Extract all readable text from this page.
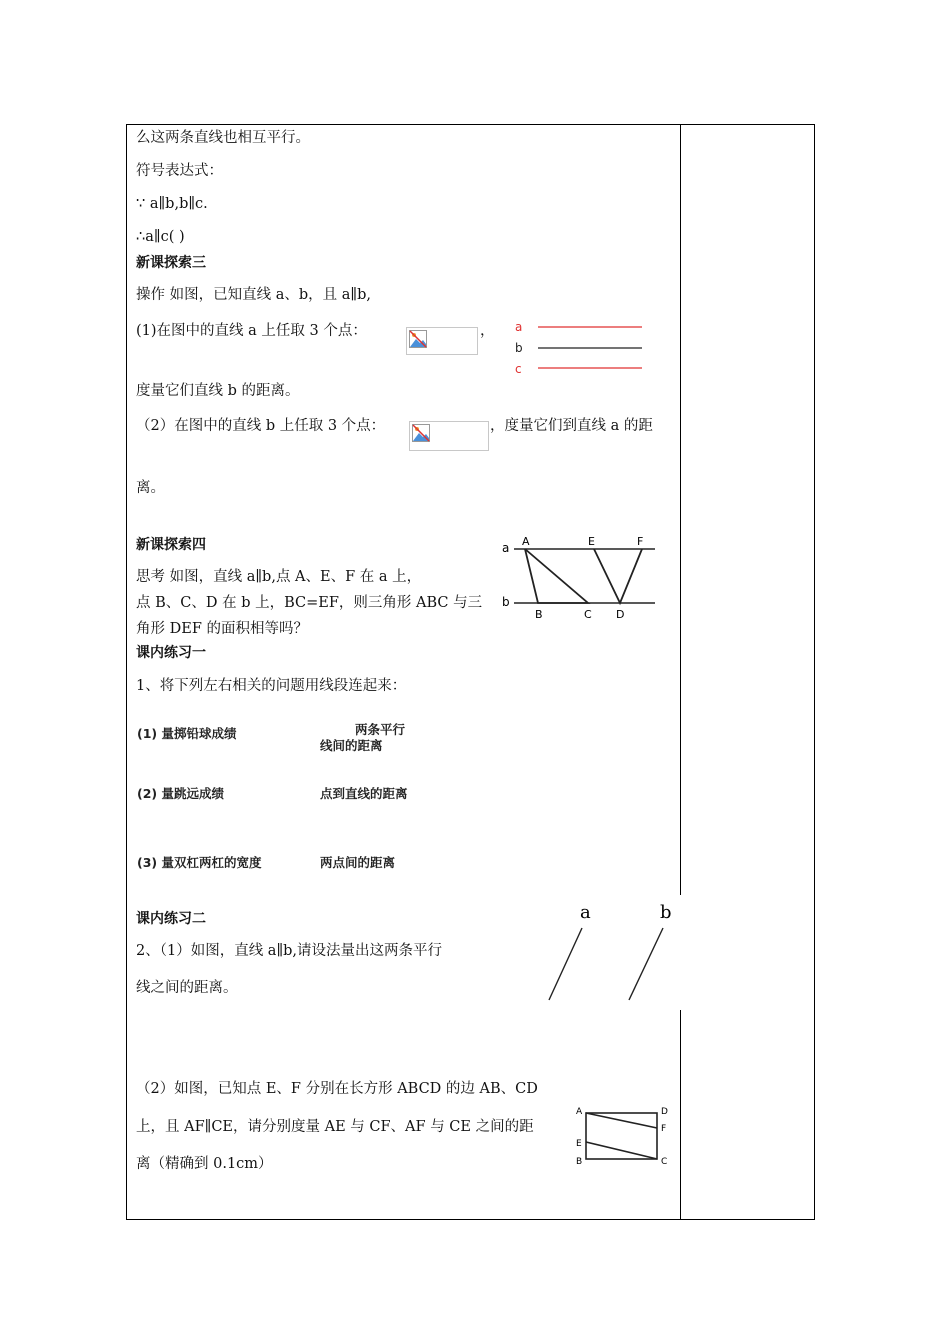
么这两条直线也相互平行。
符号表达式：
∵ a∥b,b∥c.
∴a∥c( )
新课探索三
操作 如图，已知直线 a、b，且 a∥b,
(1)在图中的直线 a 上任取 3 个点：	，
度量它们直线 b 的距离。
（2）在图中的直线 b 上任取 3 个点：	，度量它们到直线 a 的距
离。
a
b
c
新课探索四
思考 如图，直线 a∥b,点 A、E、F 在 a 上，
点 B、C、D 在 b 上，BC=EF，则三角形 ABC 与三
角形 DEF 的面积相等吗？
a
b
A	E	F
B	C D
课内练习一
1、将下列左右相关的问题用线段连起来：
(1) 量掷铅球成绩	两条平行
线间的距离
(2) 量跳远成绩	点到直线的距离
(3) 量双杠两杠的宽度	两点间的距离
课内练习二
2、（1）如图，直线 a∥b,请设法量出这两条平行
线之间的距离。
a	b
（2）如图，已知点 E、F 分别在长方形 ABCD 的边 AB、CD
上，且 AF∥CE，请分别度量 AE 与 CF、AF 与 CE 之间的距
离（精确到 0.1cm）
A	D
E
F
B	C
